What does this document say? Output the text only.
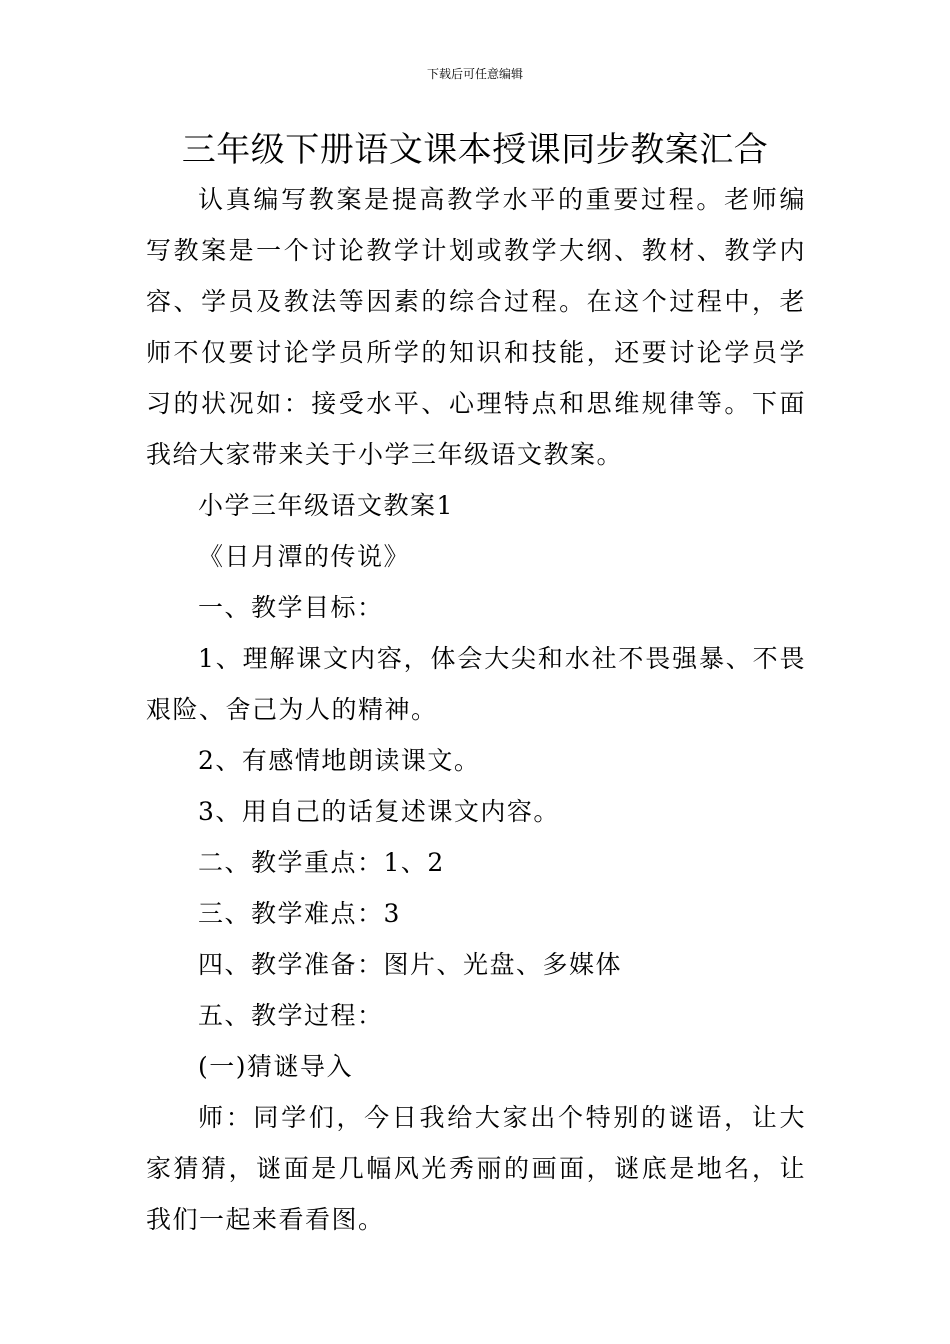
下载后可任意编辑
三年级下册语文课本授课同步教案汇合

认真编写教案是提高教学水平的重要过程。老师编写教案是一个讨论教学计划或教学大纲、教材、教学内容、学员及教法等因素的综合过程。在这个过程中，老师不仅要讨论学员所学的知识和技能，还要讨论学员学习的状况如：接受水平、心理特点和思维规律等。下面我给大家带来关于小学三年级语文教案。

小学三年级语文教案1

《日月潭的传说》

一、教学目标：

1、理解课文内容，体会大尖和水社不畏强暴、不畏艰险、舍己为人的精神。

2、有感情地朗读课文。

3、用自己的话复述课文内容。

二、教学重点：1、2

三、教学难点：3

四、教学准备：图片、光盘、多媒体

五、教学过程：

(一)猜谜导入

师：同学们，今日我给大家出个特别的谜语，让大家猜猜，谜面是几幅风光秀丽的画面，谜底是地名，让我们一起来看看图。
